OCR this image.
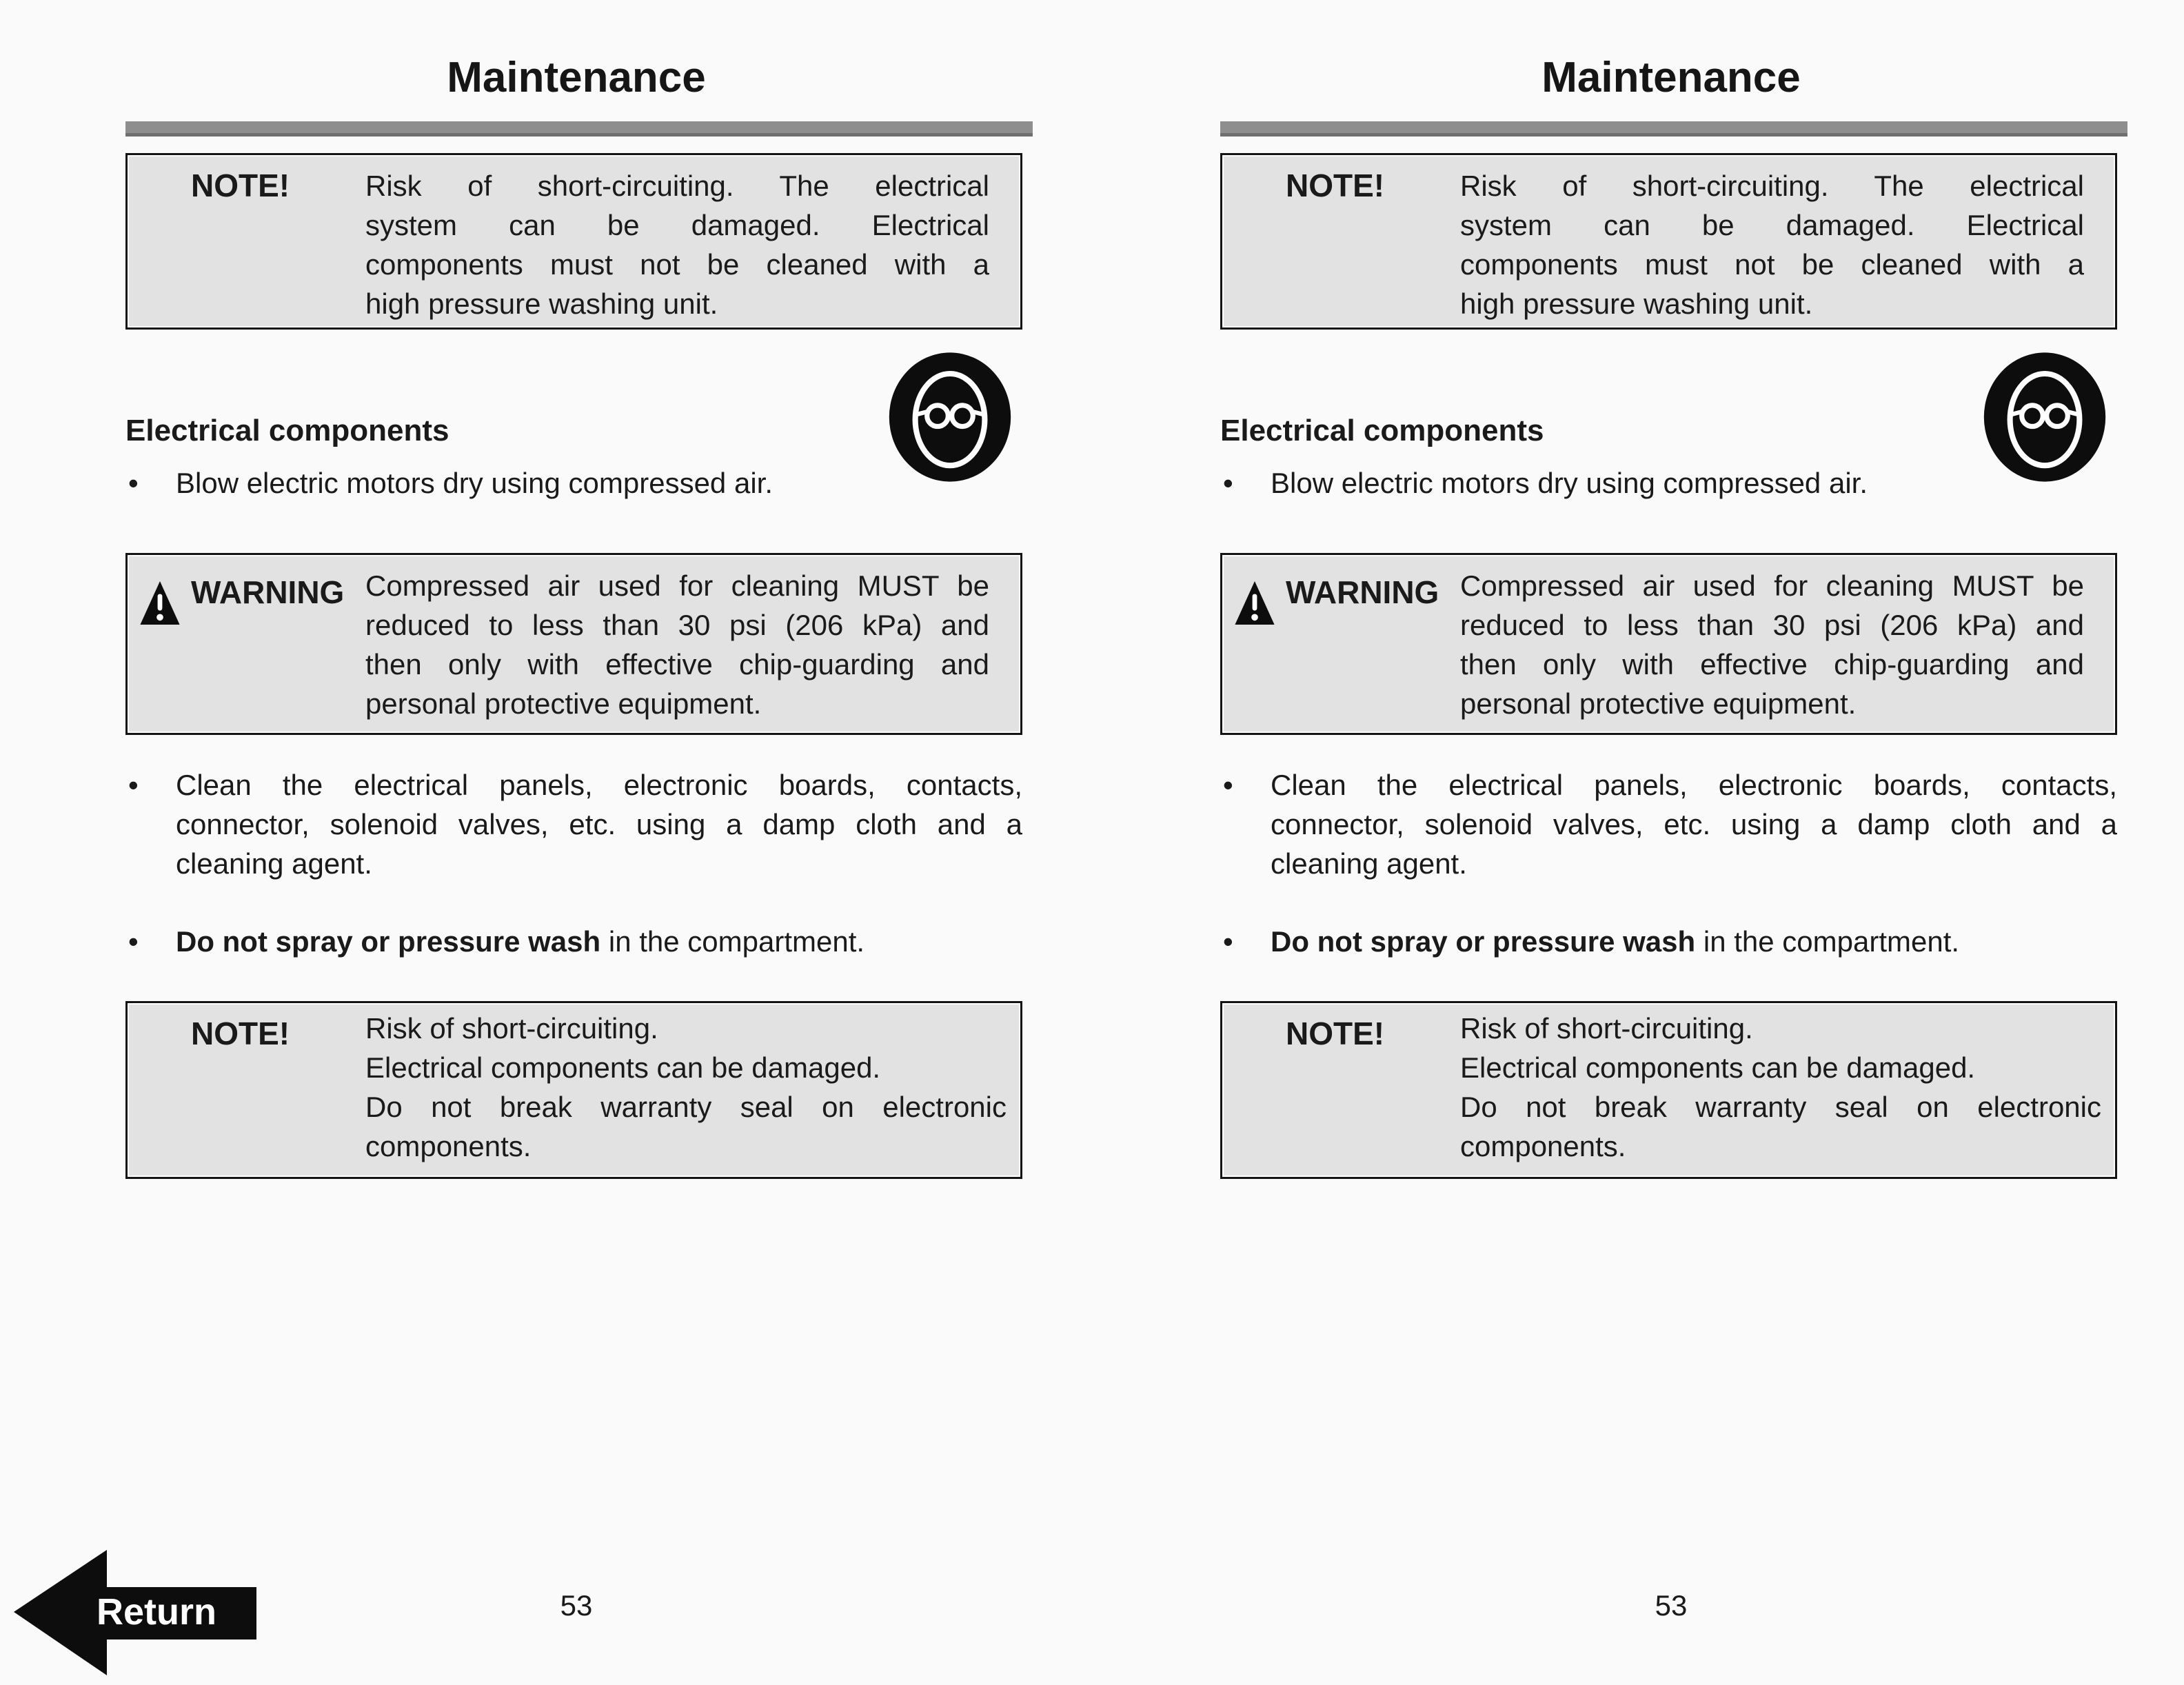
Maintenance
NOTE!	Risk of short-circuiting. The electrical
system can be damaged. Electrical
components must not be cleaned with a
high pressure washing unit.
Electrical components
• Blow electric motors dry using compressed air.
WARNING Compressed air used for cleaning MUST be
reduced to less than 30 psi (206 kPa) and
then only with effective chip-guarding and
personal protective equipment.
• Clean the electrical panels, electronic boards, contacts,
connector, solenoid valves, etc. using a damp cloth and a
cleaning agent.
• Do not spray or pressure wash in the compartment.
NOTE!	Risk of short-circuiting.
Electrical components can be damaged.
Do not break warranty seal on electronic
components.
53
Maintenance
NOTE!	Risk of short-circuiting. The electrical
system can be damaged. Electrical
components must not be cleaned with a
high pressure washing unit.
Electrical components
• Blow electric motors dry using compressed air.
WARNING Compressed air used for cleaning MUST be
reduced to less than 30 psi (206 kPa) and
then only with effective chip-guarding and
personal protective equipment.
• Clean the electrical panels, electronic boards, contacts,
connector, solenoid valves, etc. using a damp cloth and a
cleaning agent.
• Do not spray or pressure wash in the compartment.
NOTE!	Risk of short-circuiting.
Electrical components can be damaged.
Do not break warranty seal on electronic
components.
53
Return
